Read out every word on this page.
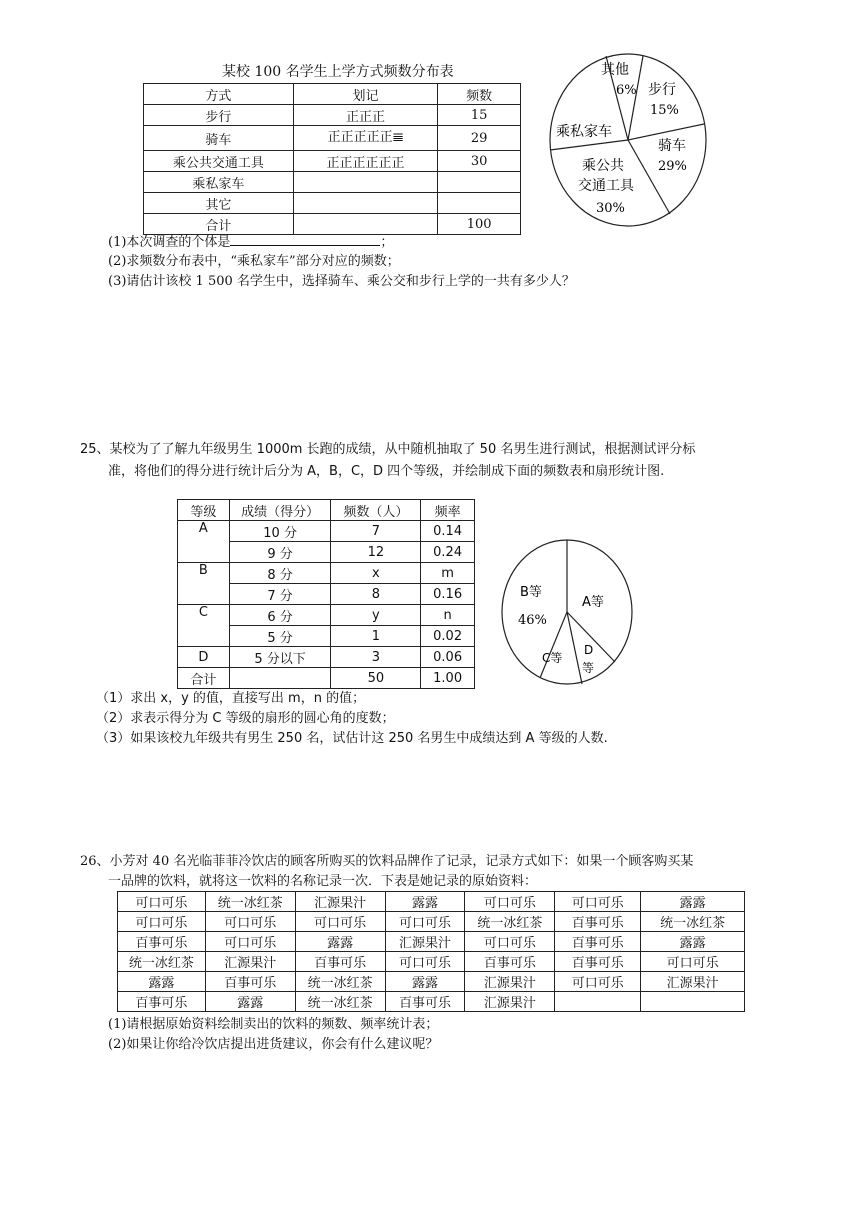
某校 100 名学生上学方式频数分布表
方式	划记	频数
步行	正正正	15
骑车	正正正正正𝍣	29
乘公共交通工具	正正正正正正	30
乘私家车		
其它		
合计		100
其他
6% 步行
15%
乘私家车
骑车
29%
乘公共
交通工具
30%
(1)本次调查的个体是	；
(2)求频数分布表中，“乘私家车”部分对应的频数；
(3)请估计该校 1 500 名学生中，选择骑车、乘公交和步行上学的一共有多少人？
25、某校为了了解九年级男生 1000m 长跑的成绩，从中随机抽取了 50 名男生进行测试，根据测试评分标
准，将他们的得分进行统计后分为 A，B，C，D 四个等级，并绘制成下面的频数表和扇形统计图.
等级	成绩（得分）	频数（人）	频率
A	10 分	7	0.14
	9 分	12	0.24
B	8 分	x	m
	7 分	8	0.16
C	6 分	y	n
	5 分	1	0.02
D	5 分以下	3	0.06
合计		50	1.00
B等
46%
A等
C等
D
等
（1）求出 x，y 的值，直接写出 m，n 的值；
（2）求表示得分为 C 等级的扇形的圆心角的度数；
（3）如果该校九年级共有男生 250 名，试估计这 250 名男生中成绩达到 A 等级的人数.
26、小芳对 40 名光临菲菲冷饮店的顾客所购买的饮料品牌作了记录，记录方式如下：如果一个顾客购买某
一品牌的饮料，就将这一饮料的名称记录一次．下表是她记录的原始资料：
可口可乐	统一冰红茶	汇源果汁	露露	可口可乐	可口可乐	露露
可口可乐	可口可乐	可口可乐	可口可乐	统一冰红茶	百事可乐	统一冰红茶
百事可乐	可口可乐	露露	汇源果汁	可口可乐	百事可乐	露露
统一冰红茶	汇源果汁	百事可乐	可口可乐	百事可乐	百事可乐	可口可乐
露露	百事可乐	统一冰红茶	露露	汇源果汁	可口可乐	汇源果汁
百事可乐	露露	统一冰红茶	百事可乐	汇源果汁		
(1)请根据原始资料绘制卖出的饮料的频数、频率统计表；
(2)如果让你给冷饮店提出进货建议，你会有什么建议呢？
